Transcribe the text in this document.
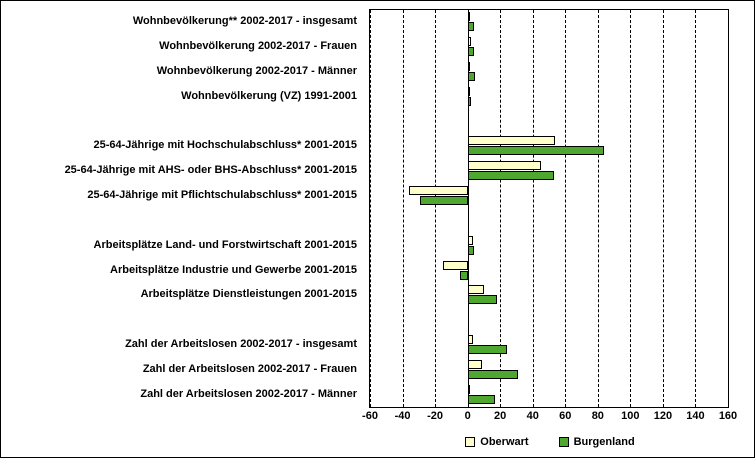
Wohnbevölkerung** 2002-2017 - insgesamt
Wohnbevölkerung 2002-2017 - Frauen
Wohnbevölkerung 2002-2017 - Männer
Wohnbevölkerung (VZ) 1991-2001
25-64-Jährige mit Hochschulabschluss* 2001-2015
25-64-Jährige mit AHS- oder BHS-Abschluss* 2001-2015
25-64-Jährige mit Pflichtschulabschluss* 2001-2015
Arbeitsplätze Land- und Forstwirtschaft 2001-2015
Arbeitsplätze Industrie und Gewerbe 2001-2015
Arbeitsplätze Dienstleistungen 2001-2015
Zahl der Arbeitslosen 2002-2017 - insgesamt
Zahl der Arbeitslosen 2002-2017 - Frauen
Zahl der Arbeitslosen 2002-2017 - Männer
-60	-40	-20	0	20	40	60	80	100	120	140	160
Oberwart	Burgenland
